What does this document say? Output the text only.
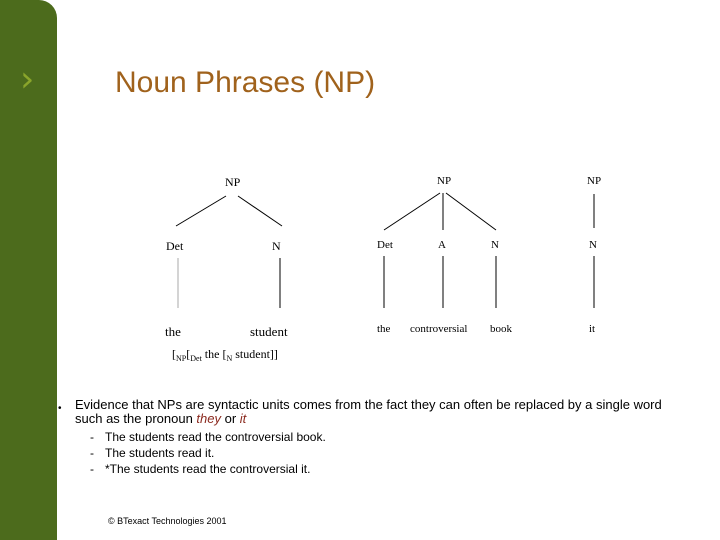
›	Noun Phrases (NP)
NP
Det	N
the	student
[$_{NP}[_{Det}$ the [$_N$ student]]
NP
Det	A	N
the controversial book
NP
N
it
• Evidence that NPs are syntactic units comes from the fact they can often be replaced by a single word such as the pronoun they or it
- The students read the controversial book.
- The students read it.
- *The students read the controversial it.
© BTexact Technologies 2001
